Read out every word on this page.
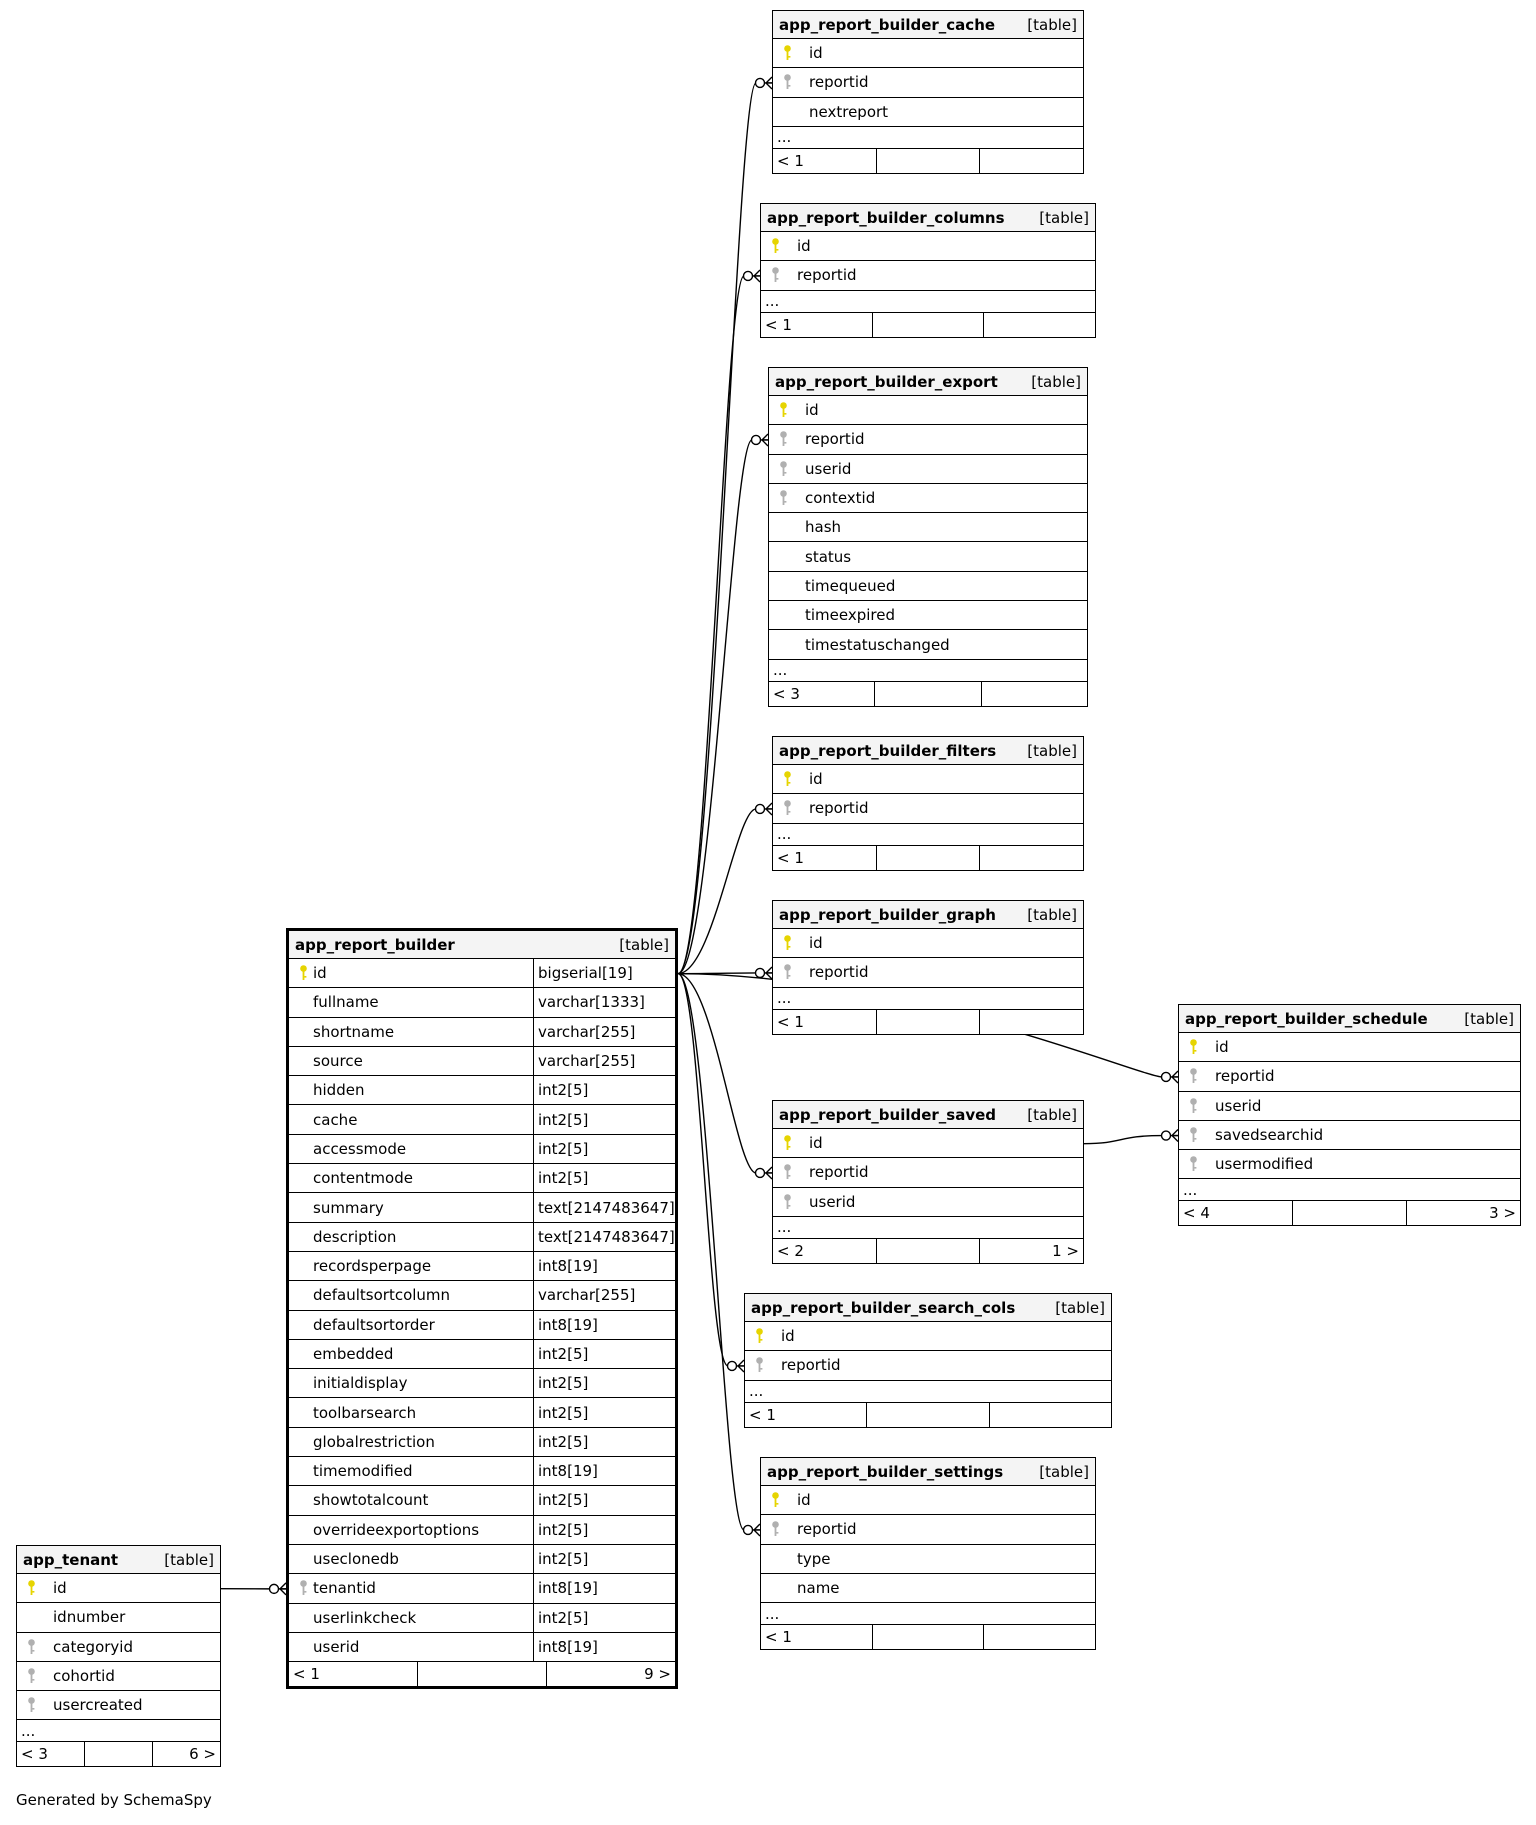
app_report_builder_cache [table]
id
reportid
nextreport
...
< 1
app_report_builder_columns [table]
id
reportid
...
< 1
app_report_builder_export [table]
id
reportid
userid
contextid
hash
status
timequeued
timeexpired
timestatuschanged
...
< 3
app_report_builder_filters [table]
id
reportid
...
< 1
app_report_builder_graph [table]
id
reportid
...
< 1	app_report_builder_schedule [table]
id
reportid
userid
savedsearchid
usermodified
...
< 4	3 >
app_report_builder_saved [table]
id
reportid
userid
...
< 2	1 >
app_report_builder_search_cols	[table]
id
reportid
...
< 1
app_report_builder_settings [table]
id
reportid
type
name
...
< 1
app_tenant	[table]
id
idnumber
categoryid
cohortid
usercreated
...
< 3	6 >
app_report_builder	[table]
id	bigserial[19]
fullname	varchar[1333]
shortname	varchar[255]
source	varchar[255]
hidden	int2[5]
cache	int2[5]
accessmode	int2[5]
contentmode	int2[5]
summary	text[2147483647]
description	text[2147483647]
recordsperpage	int8[19]
defaultsortcolumn	varchar[255]
defaultsortorder	int8[19]
embedded	int2[5]
initialdisplay	int2[5]
toolbarsearch	int2[5]
globalrestriction	int2[5]
timemodified	int8[19]
showtotalcount	int2[5]
overrideexportoptions	int2[5]
useclonedb	int2[5]
tenantid	int8[19]
userlinkcheck	int2[5]
userid	int8[19]
< 1	9 >
Generated by SchemaSpy
